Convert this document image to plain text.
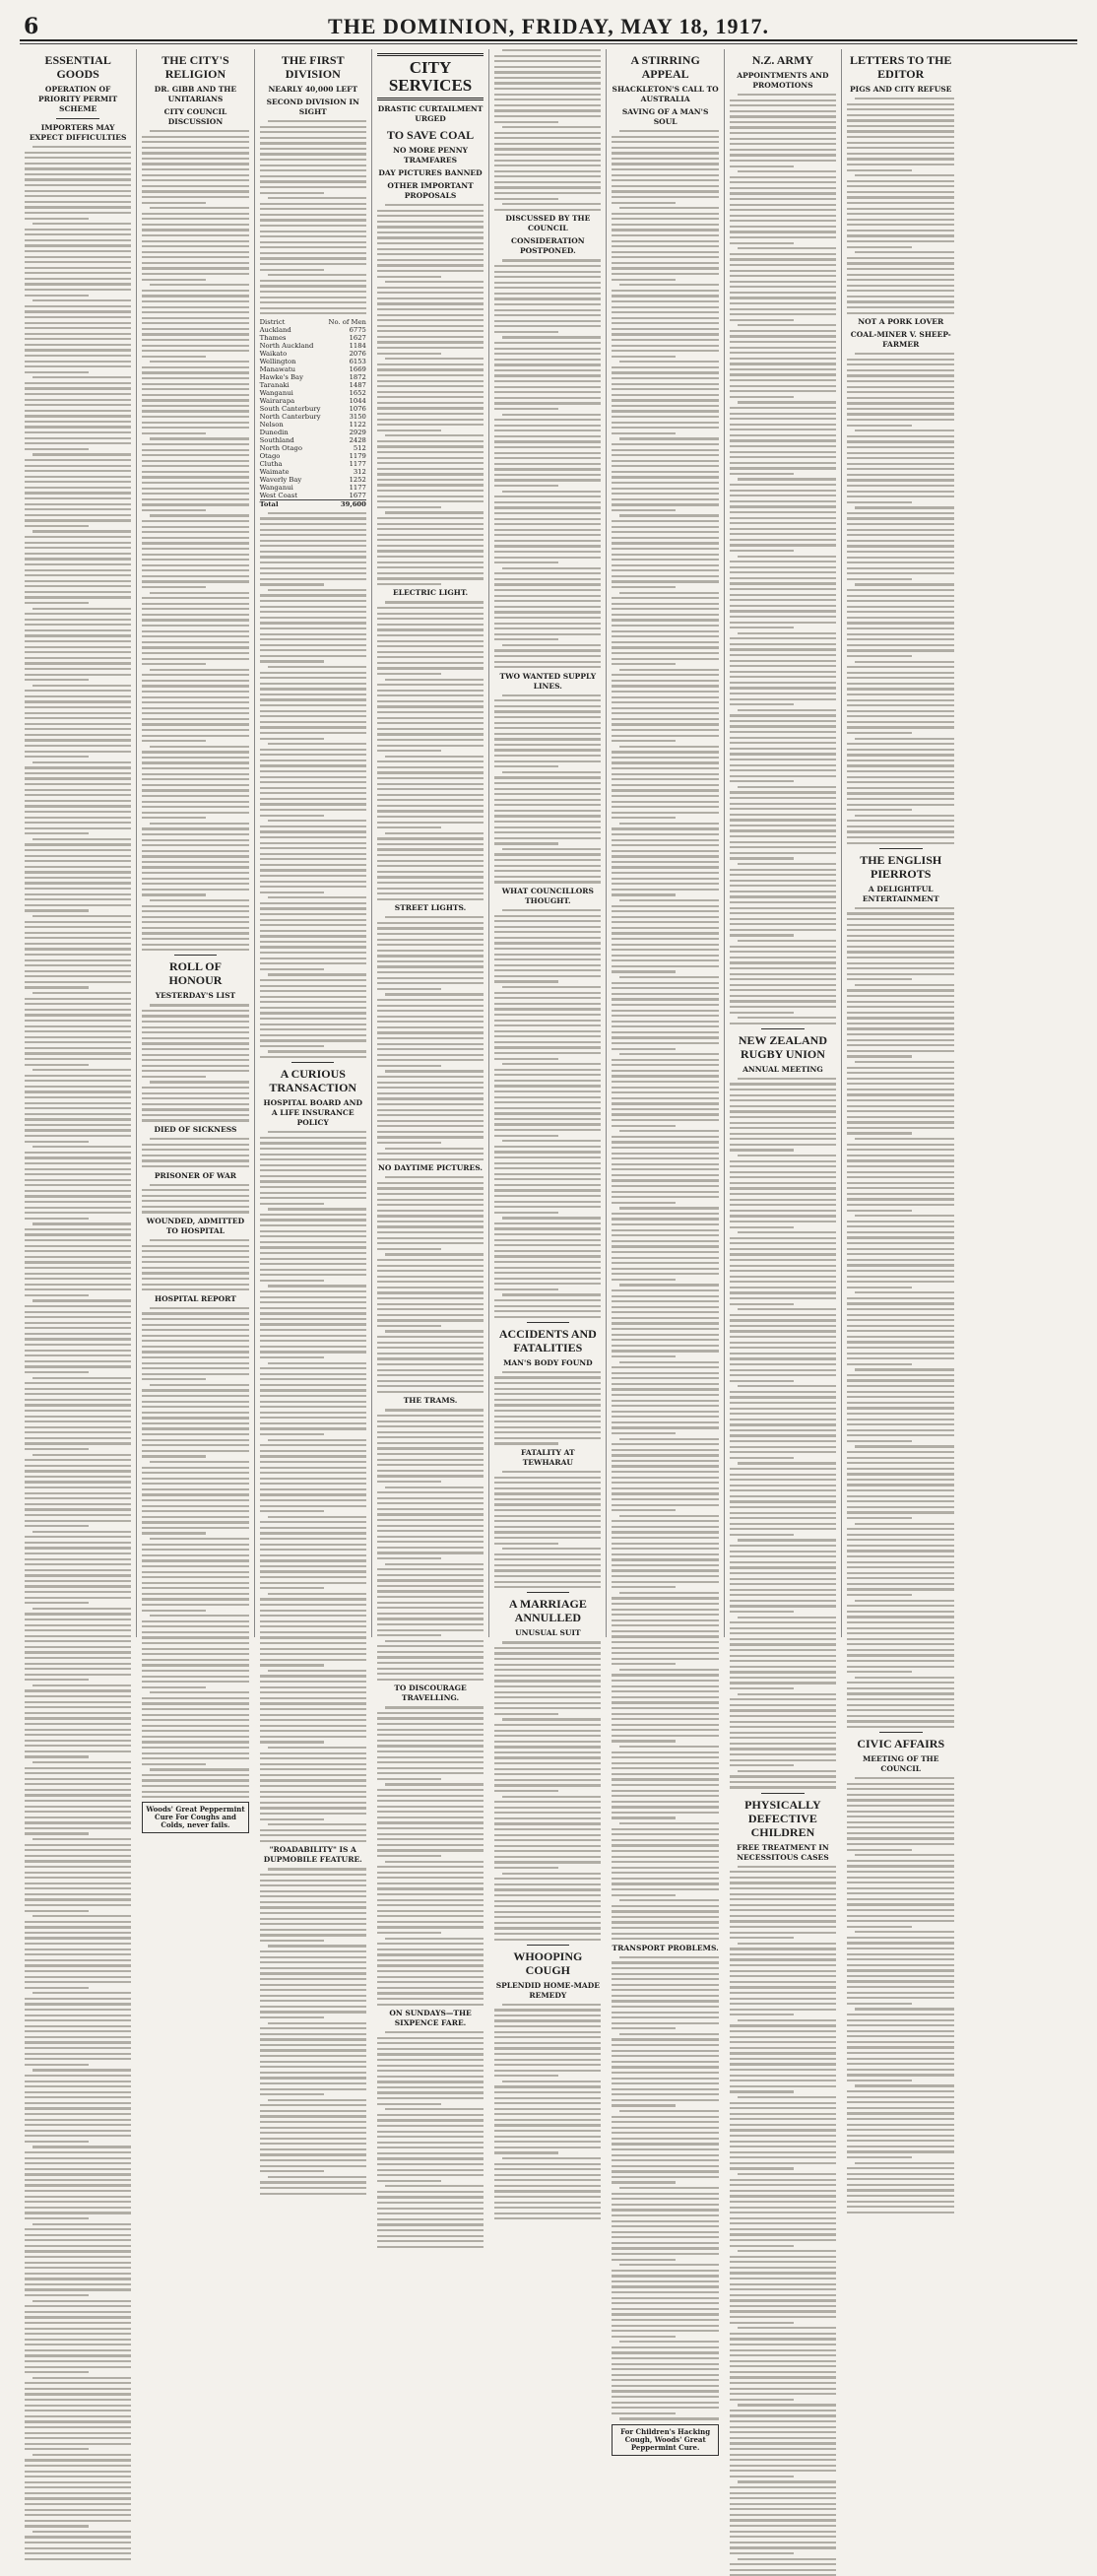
6	THE DOMINION, FRIDAY, MAY 18, 1917.
ESSENTIAL GOODS
OPERATION OF PRIORITY PERMIT SCHEME
IMPORTERS MAY EXPECT DIFFICULTIES
THE CITY'S RELIGION
DR. GIBB AND THE UNITARIANS
CITY COUNCIL DISCUSSION
ROLL OF HONOUR
YESTERDAY'S LIST
DIED OF SICKNESS
PRISONER OF WAR
WOUNDED, ADMITTED TO HOSPITAL
HOSPITAL REPORT
Woods' Great Peppermint Cure For Coughs and Colds, never fails.
THE FIRST DIVISION
NEARLY 40,000 LEFT
SECOND DIVISION IN SIGHT
District	No. of Men
Auckland	6775
Thames	1627
North Auckland	1184
Waikato	2076
Wellington	6153
Manawatu	1669
Hawke's Bay	1872
Taranaki	1487
Wanganui	1652
Wairarapa	1044
South Canterbury	1076
North Canterbury	3150
Nelson	1122
Dunedin	2929
Southland	2428
North Otago	512
Otago	1179
Clutha	1177
Waimate	312
Waverly Bay	1252
Wanganui	1177
West Coast	1677
Total	39,600
A CURIOUS TRANSACTION
HOSPITAL BOARD AND A LIFE INSURANCE POLICY
"ROADABILITY" IS A DUPMOBILE FEATURE.
CITY SERVICES
DRASTIC CURTAILMENT URGED
TO SAVE COAL
NO MORE PENNY TRAMFARES
DAY PICTURES BANNED
OTHER IMPORTANT PROPOSALS
ELECTRIC LIGHT.
STREET LIGHTS.
NO DAYTIME PICTURES.
THE TRAMS.
TO DISCOURAGE TRAVELLING.
ON SUNDAYS—THE SIXPENCE FARE.
DISCUSSED BY THE COUNCIL
CONSIDERATION POSTPONED.
TWO WANTED SUPPLY LINES.
WHAT COUNCILLORS THOUGHT.
ACCIDENTS AND FATALITIES
MAN'S BODY FOUND
FATALITY AT TEWHARAU
A MARRIAGE ANNULLED
UNUSUAL SUIT
WHOOPING COUGH
SPLENDID HOME-MADE REMEDY
A STIRRING APPEAL
SHACKLETON'S CALL TO AUSTRALIA
SAVING OF A MAN'S SOUL
TRANSPORT PROBLEMS.
For Children's Hacking Cough, Woods' Great Peppermint Cure.
N.Z. ARMY
APPOINTMENTS AND PROMOTIONS
NEW ZEALAND RUGBY UNION
ANNUAL MEETING
PHYSICALLY DEFECTIVE CHILDREN
FREE TREATMENT IN NECESSITOUS CASES
LETTERS TO THE EDITOR
PIGS AND CITY REFUSE
NOT A PORK LOVER
COAL-MINER V. SHEEP-FARMER
THE ENGLISH PIERROTS
A DELIGHTFUL ENTERTAINMENT
CIVIC AFFAIRS
MEETING OF THE COUNCIL
